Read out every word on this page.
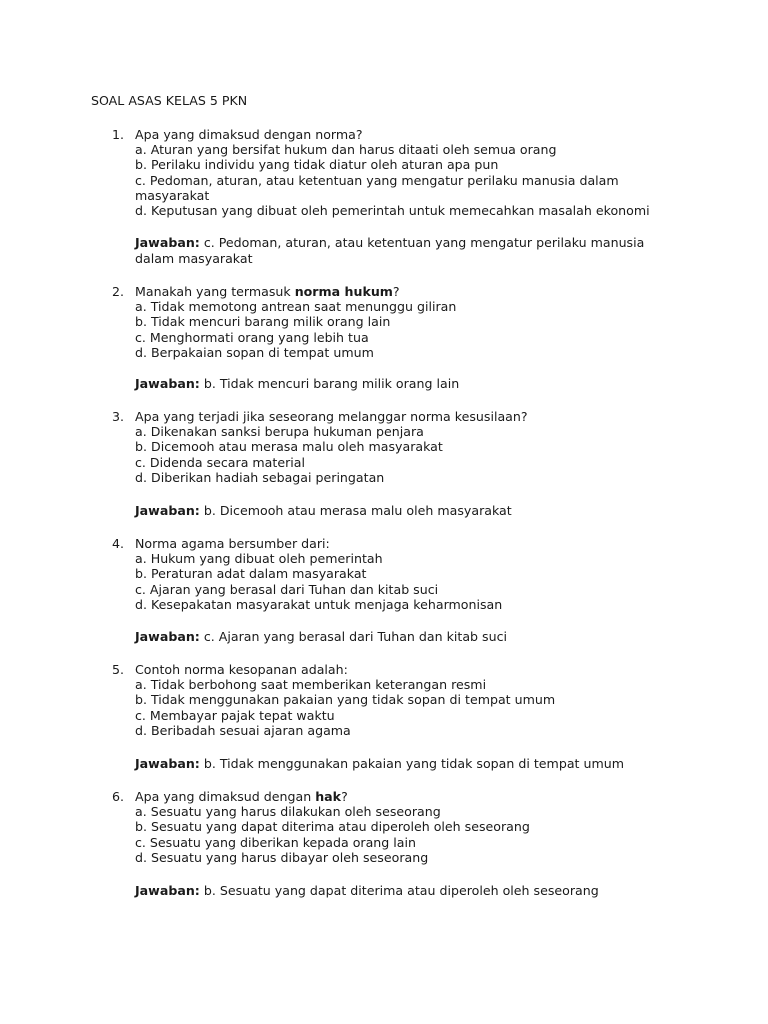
SOAL ASAS KELAS 5 PKN
1. Apa yang dimaksud dengan norma?
a. Aturan yang bersifat hukum dan harus ditaati oleh semua orang
b. Perilaku individu yang tidak diatur oleh aturan apa pun
c. Pedoman, aturan, atau ketentuan yang mengatur perilaku manusia dalam masyarakat
d. Keputusan yang dibuat oleh pemerintah untuk memecahkan masalah ekonomi
Jawaban: c. Pedoman, aturan, atau ketentuan yang mengatur perilaku manusia dalam masyarakat
2. Manakah yang termasuk norma hukum?
a. Tidak memotong antrean saat menunggu giliran
b. Tidak mencuri barang milik orang lain
c. Menghormati orang yang lebih tua
d. Berpakaian sopan di tempat umum
Jawaban: b. Tidak mencuri barang milik orang lain
3. Apa yang terjadi jika seseorang melanggar norma kesusilaan?
a. Dikenakan sanksi berupa hukuman penjara
b. Dicemooh atau merasa malu oleh masyarakat
c. Didenda secara material
d. Diberikan hadiah sebagai peringatan
Jawaban: b. Dicemooh atau merasa malu oleh masyarakat
4. Norma agama bersumber dari:
a. Hukum yang dibuat oleh pemerintah
b. Peraturan adat dalam masyarakat
c. Ajaran yang berasal dari Tuhan dan kitab suci
d. Kesepakatan masyarakat untuk menjaga keharmonisan
Jawaban: c. Ajaran yang berasal dari Tuhan dan kitab suci
5. Contoh norma kesopanan adalah:
a. Tidak berbohong saat memberikan keterangan resmi
b. Tidak menggunakan pakaian yang tidak sopan di tempat umum
c. Membayar pajak tepat waktu
d. Beribadah sesuai ajaran agama
Jawaban: b. Tidak menggunakan pakaian yang tidak sopan di tempat umum
6. Apa yang dimaksud dengan hak?
a. Sesuatu yang harus dilakukan oleh seseorang
b. Sesuatu yang dapat diterima atau diperoleh oleh seseorang
c. Sesuatu yang diberikan kepada orang lain
d. Sesuatu yang harus dibayar oleh seseorang
Jawaban: b. Sesuatu yang dapat diterima atau diperoleh oleh seseorang
